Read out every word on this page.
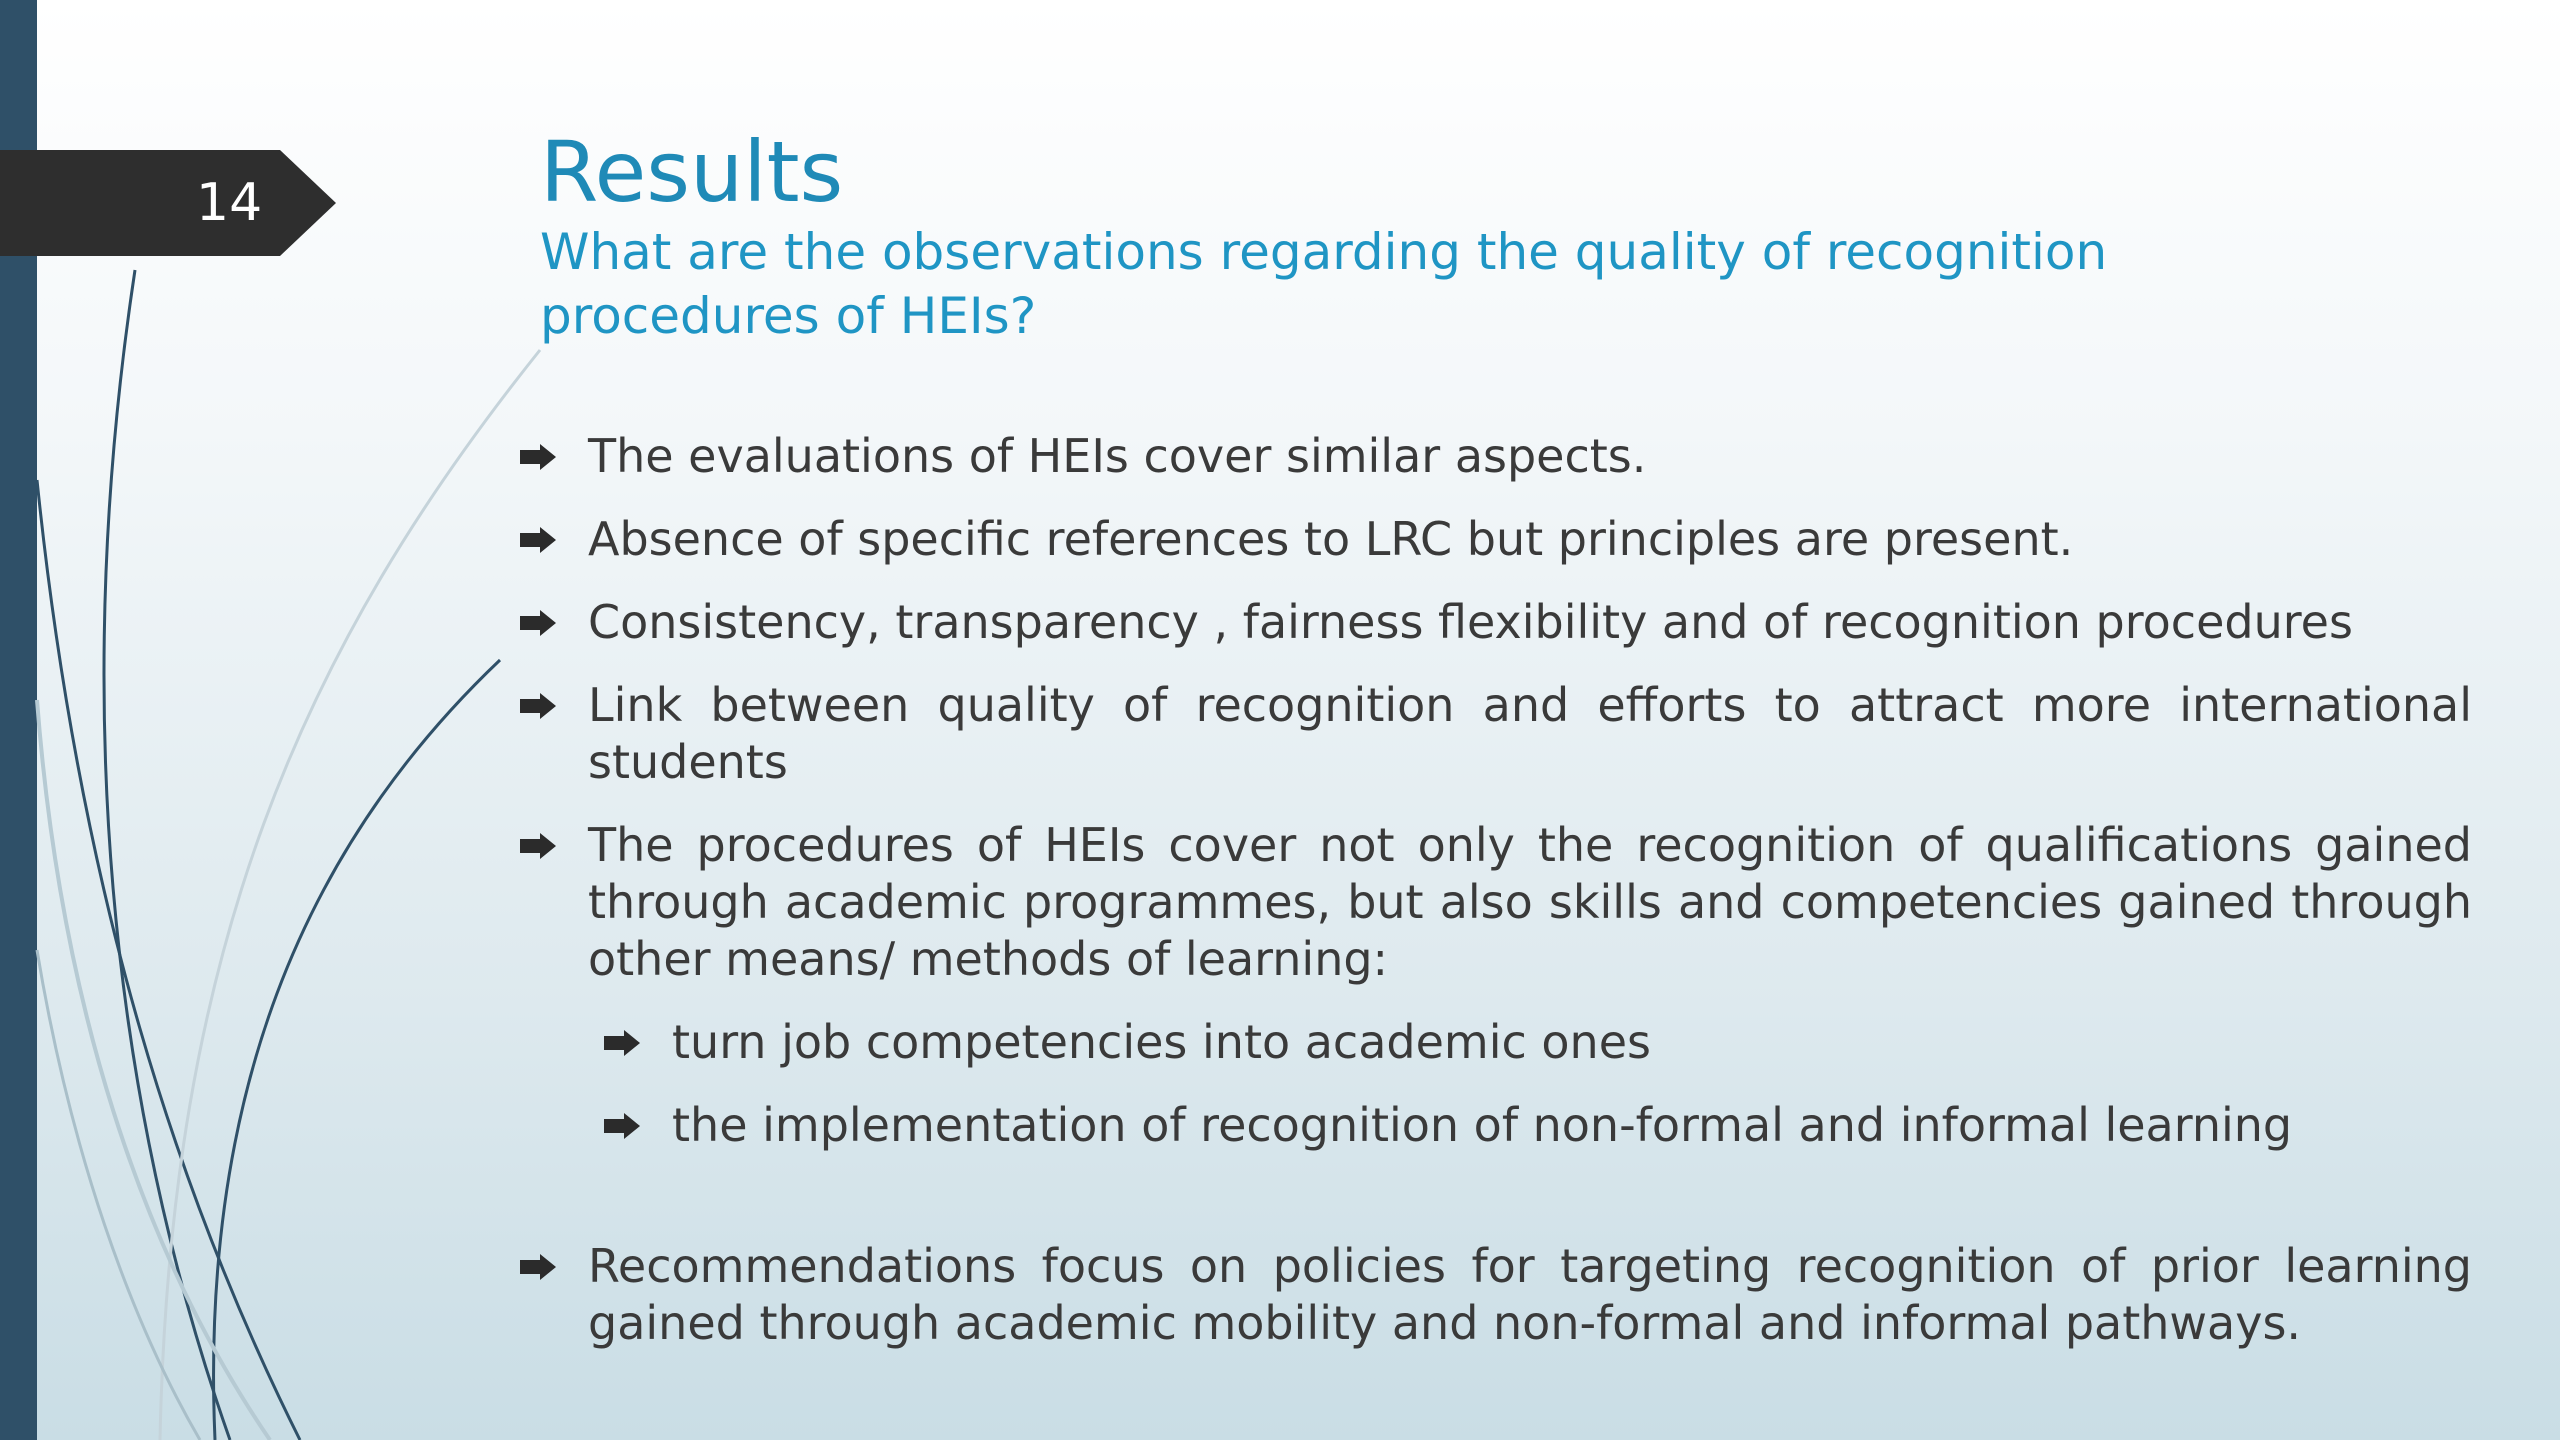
14	Results
What are the observations regarding the quality of recognition procedures of HEIs?
The evaluations of HEIs cover similar aspects.
Absence of specific references to LRC but principles are present.
Consistency, transparency , fairness flexibility and of recognition procedures
Link between quality of recognition and efforts to attract more international students
The procedures of HEIs cover not only the recognition of qualifications gained through academic programmes, but also skills and competencies gained through other means/ methods of learning:
turn job competencies into academic ones
the implementation of recognition of non-formal and informal learning
Recommendations focus on policies for targeting recognition of prior learning gained through academic mobility and non-formal and informal pathways.
